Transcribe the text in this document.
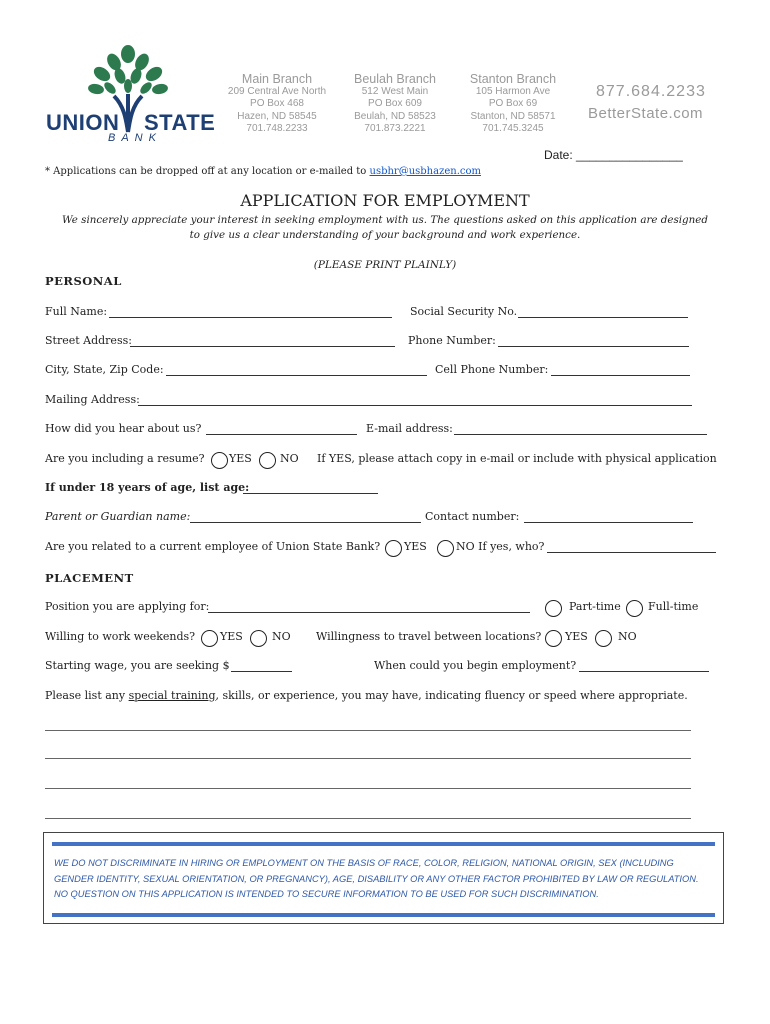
UNION STATE
BANK
Main Branch
209 Central Ave North
PO Box 468
Hazen, ND 58545
701.748.2233
Beulah Branch
512 West Main
PO Box 609
Beulah, ND 58523
701.873.2221
Stanton Branch
105 Harmon Ave
PO Box 69
Stanton, ND 58571
701.745.3245
877.684.2233
BetterState.com
Date: ________________
* Applications can be dropped off at any location or e-mailed to usbhr@usbhazen.com
APPLICATION FOR EMPLOYMENT
We sincerely appreciate your interest in seeking employment with us. The questions asked on this application are designed
to give us a clear understanding of your background and work experience.
(PLEASE PRINT PLAINLY)
PERSONAL
Full Name:	Social Security No.
Street Address:	Phone Number:
City, State, Zip Code:	Cell Phone Number:
Mailing Address:
How did you hear about us?	E-mail address:
Are you including a resume? YES	NO If YES, please attach copy in e-mail or include with physical application
If under 18 years of age, list age:
Parent or Guardian name:	Contact number:
Are you related to a current employee of Union State Bank? YES	NO If yes, who?
PLACEMENT
Position you are applying for:	Part-time Full-time
Willing to work weekends? YES	NO Willingness to travel between locations? YES	NO
Starting wage, you are seeking $	When could you begin employment?
Please list any special training, skills, or experience, you may have, indicating fluency or speed where appropriate.
WE DO NOT DISCRIMINATE IN HIRING OR EMPLOYMENT ON THE BASIS OF RACE, COLOR, RELIGION, NATIONAL ORIGIN, SEX (INCLUDING GENDER IDENTITY, SEXUAL ORIENTATION, OR PREGNANCY), AGE, DISABILITY OR ANY OTHER FACTOR PROHIBITED BY LAW OR REGULATION. NO QUESTION ON THIS APPLICATION IS INTENDED TO SECURE INFORMATION TO BE USED FOR SUCH DISCRIMINATION.
